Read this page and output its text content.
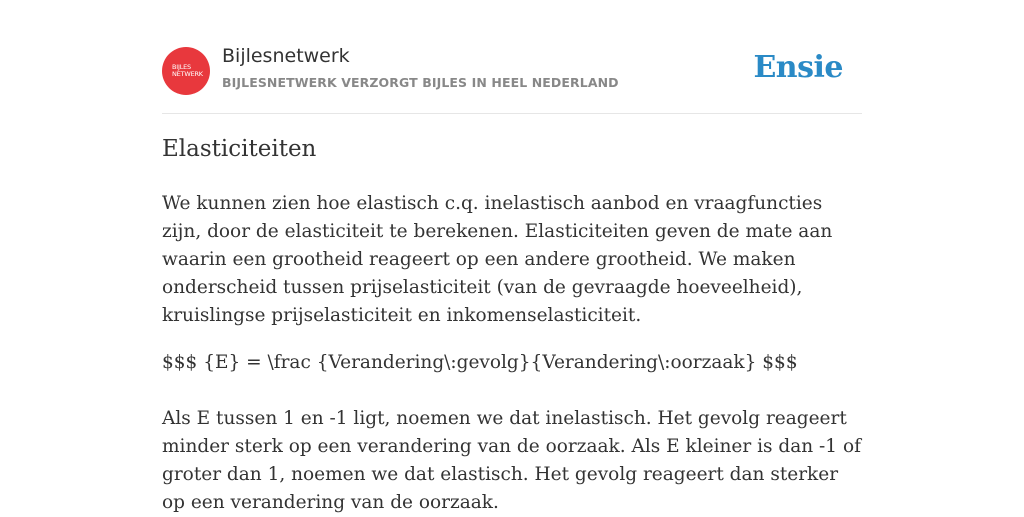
BIJLES
NETWERK
Bijlesnetwerk
BIJLESNETWERK VERZORGT BIJLES IN HEEL NEDERLAND	Ensie
Elasticiteiten

We kunnen zien hoe elastisch c.q. inelastisch aanbod en vraagfuncties zijn, door de elasticiteit te berekenen. Elasticiteiten geven de mate aan waarin een grootheid reageert op een andere grootheid. We maken onderscheid tussen prijselasticiteit (van de gevraagde hoeveelheid), kruislingse prijselasticiteit en inkomenselasticiteit.

$$$ {E} = \frac {Verandering\:gevolg}{Verandering\:oorzaak} $$$

Als E tussen 1 en -1 ligt, noemen we dat inelastisch. Het gevolg reageert minder sterk op een verandering van de oorzaak. Als E kleiner is dan -1 of groter dan 1, noemen we dat elastisch. Het gevolg reageert dan sterker op een verandering van de oorzaak.
